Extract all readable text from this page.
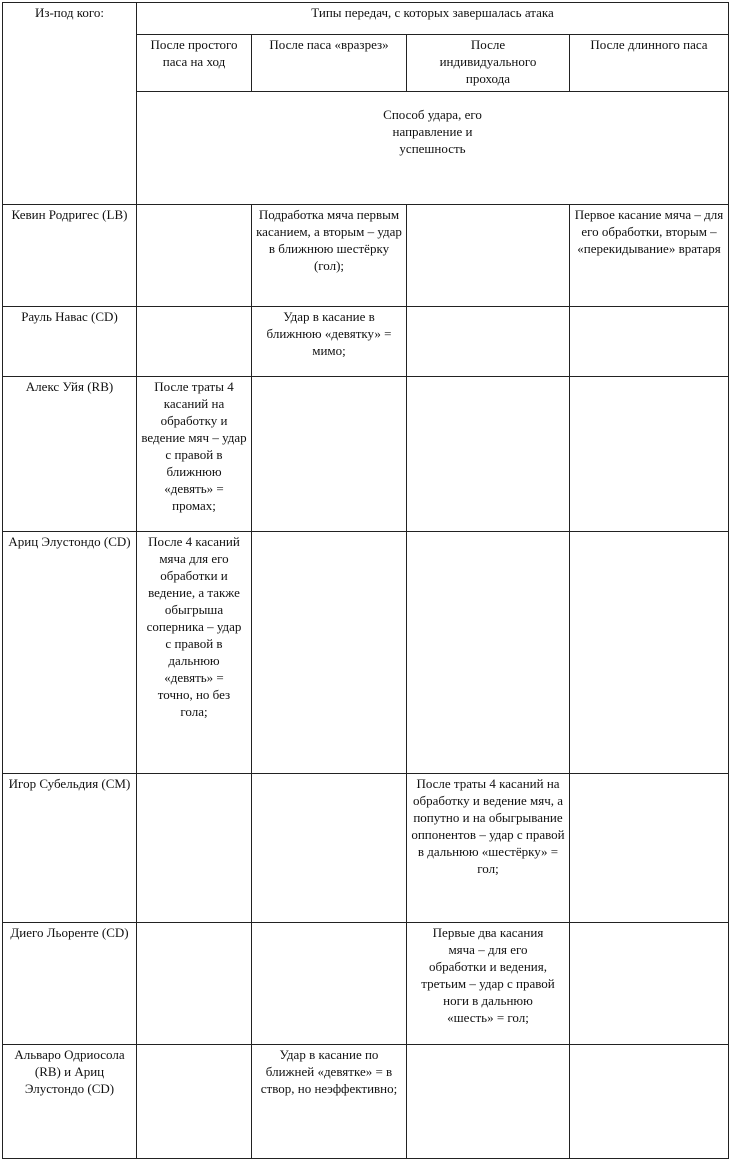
Из-под кого:	Типы передач, с которых завершалась атака			
	После простого паса на ход	После паса «вразрез»	После индивидуального прохода	После длинного паса
	Способ удара, его направление и успешность			
Кевин Родригес (LB)		Подработка мяча первым касанием, а вторым – удар в ближнюю шестёрку (гол);		Первое касание мяча – для его обработки, вторым – «перекидывание» вратаря
Рауль Навас (CD)		Удар в касание в ближнюю «девятку» = мимо;		
Алекс Уйя (RB)	После траты 4 касаний на обработку и ведение мяч – удар с правой в ближнюю «девять» = промах;			
Ариц Элустондо (CD)	После 4 касаний мяча для его обработки и ведение, а также обыгрыша соперника – удар с правой в дальнюю «девять» = точно, но без гола;			
Игор Субельдия (CM)			После траты 4 касаний на обработку и ведение мяч, а попутно и на обыгрывание оппонентов – удар с правой в дальнюю «шестёрку» = гол;	
Диего Льоренте (CD)			Первые два касания мяча – для его обработки и ведения, третьим – удар с правой ноги в дальнюю «шесть» = гол;	
Альваро Одриосола (RB) и Ариц Элустондо (CD)		Удар в касание по ближней «девятке» = в створ, но неэффективно;		
